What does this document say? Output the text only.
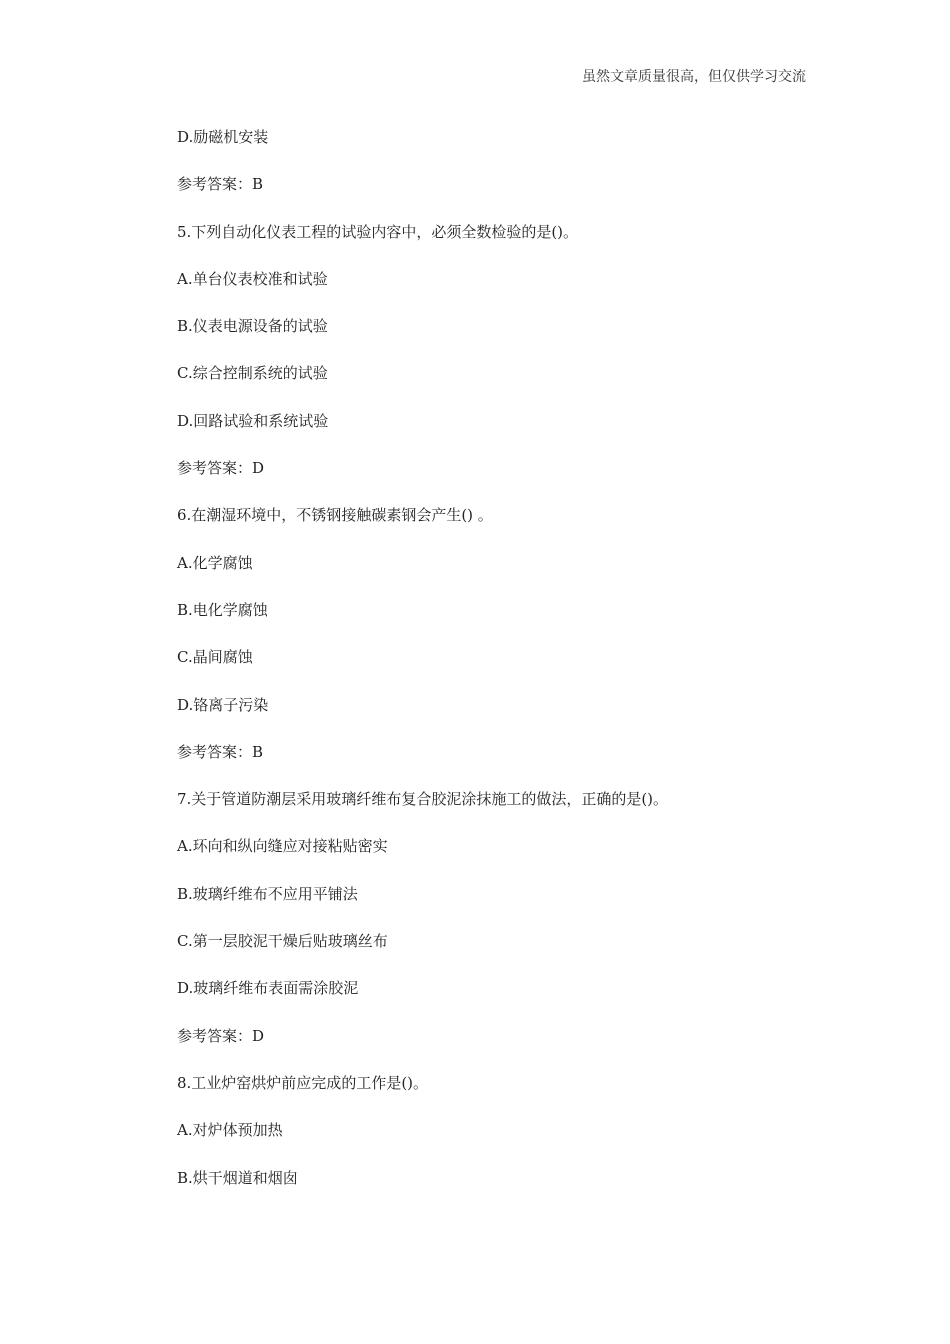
虽然文章质量很高，但仅供学习交流
D.励磁机安装
参考答案：B
5.下列自动化仪表工程的试验内容中，必须全数检验的是()。
A.单台仪表校准和试验
B.仪表电源设备的试验
C.综合控制系统的试验
D.回路试验和系统试验
参考答案：D
6.在潮湿环境中，不锈钢接触碳素钢会产生() 。
A.化学腐蚀
B.电化学腐蚀
C.晶间腐蚀
D.铬离子污染
参考答案：B
7.关于管道防潮层采用玻璃纤维布复合胶泥涂抹施工的做法，正确的是()。
A.环向和纵向缝应对接粘贴密实
B.玻璃纤维布不应用平铺法
C.第一层胶泥干燥后贴玻璃丝布
D.玻璃纤维布表面需涂胶泥
参考答案：D
8.工业炉窑烘炉前应完成的工作是()。
A.对炉体预加热
B.烘干烟道和烟囱
